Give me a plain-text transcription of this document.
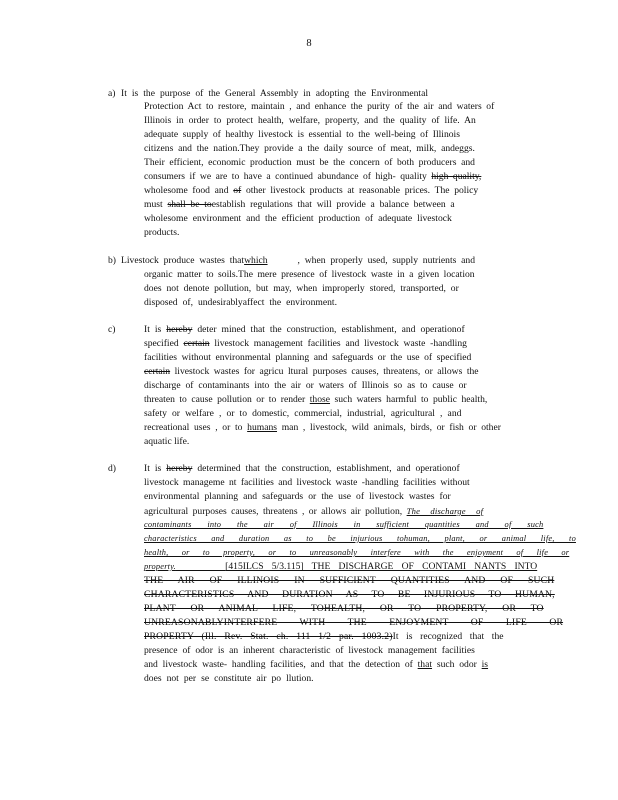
8
a) It is the purpose of the General Assembly in adopting the Environmental
Protection Act to restore, maintain , and enhance the purity of the air and waters of
Illinois in order to protect health, welfare, property, and the quality of life. An
adequate supply of healthy livestock is essential to the well-being of Illinois
citizens and the nation.They provide a the daily source of meat, milk, andeggs.
Their efficient, economic production must be the concern of both producers and
consumers if we are to have a continued abundance of high- quality high quality,
wholesome food and of other livestock products at reasonable prices. The policy
must shall be toestablish regulations that will provide a balance between a
wholesome environment and the efficient production of adequate livestock
products.
b) Livestock produce wastes thatwhich	, when properly used, supply nutrients and
organic matter to soils.The mere presence of livestock waste in a given location
does not denote pollution, but may, when improperly stored, transported, or
disposed of, undesirablyaffect the environment.
c)	It is hereby deter mined that the construction, establishment, and operationof
specified certain livestock management facilities and livestock waste -handling
facilities without environmental planning and safeguards or the use of specified
certain livestock wastes for agricu ltural purposes causes, threatens, or allows the
discharge of contaminants into the air or waters of Illinois so as to cause or
threaten to cause pollution or to render those such waters harmful to public health,
safety or welfare , or to domestic, commercial, industrial, agricultural , and
recreational uses , or to humans man , livestock, wild animals, birds, or fish or other
aquatic life.
d)	It is hereby determined that the construction, establishment, and operationof
livestock manageme nt facilities and livestock waste -handling facilities without
environmental planning and safeguards or the use of livestock wastes for
agricultural purposes causes, threatens , or allows air pollution, The discharge of
contaminants into the air of Illinois in sufficient quantities and of such
characteristics and duration as to be injurious tohuman, plant, or animal life, to
health, or to property, or to unreasonably interfere with the enjoyment of life or
property.	[415ILCS 5/3.115] THE DISCHARGE OF CONTAMI NANTS INTO
THE AIR OF ILLINOIS IN SUFFICIENT QUANTITIES AND OF SUCH
CHARACTERISTICS AND DURATION AS TO BE INJURIOUS TO HUMAN,
PLANT OR ANIMAL LIFE, TOHEALTH, OR TO PROPERTY, OR TO
UNREASONABLYINTERFERE WITH THE ENJOYMENT OF LIFE OR
PROPERTY (Ill. Rev. Stat. ch. 111 1/2 par. 1003.2)It is recognized that the
presence of odor is an inherent characteristic of livestock management facilities
and livestock waste- handling facilities, and that the detection of that such odor is
does not per se constitute air po llution.
